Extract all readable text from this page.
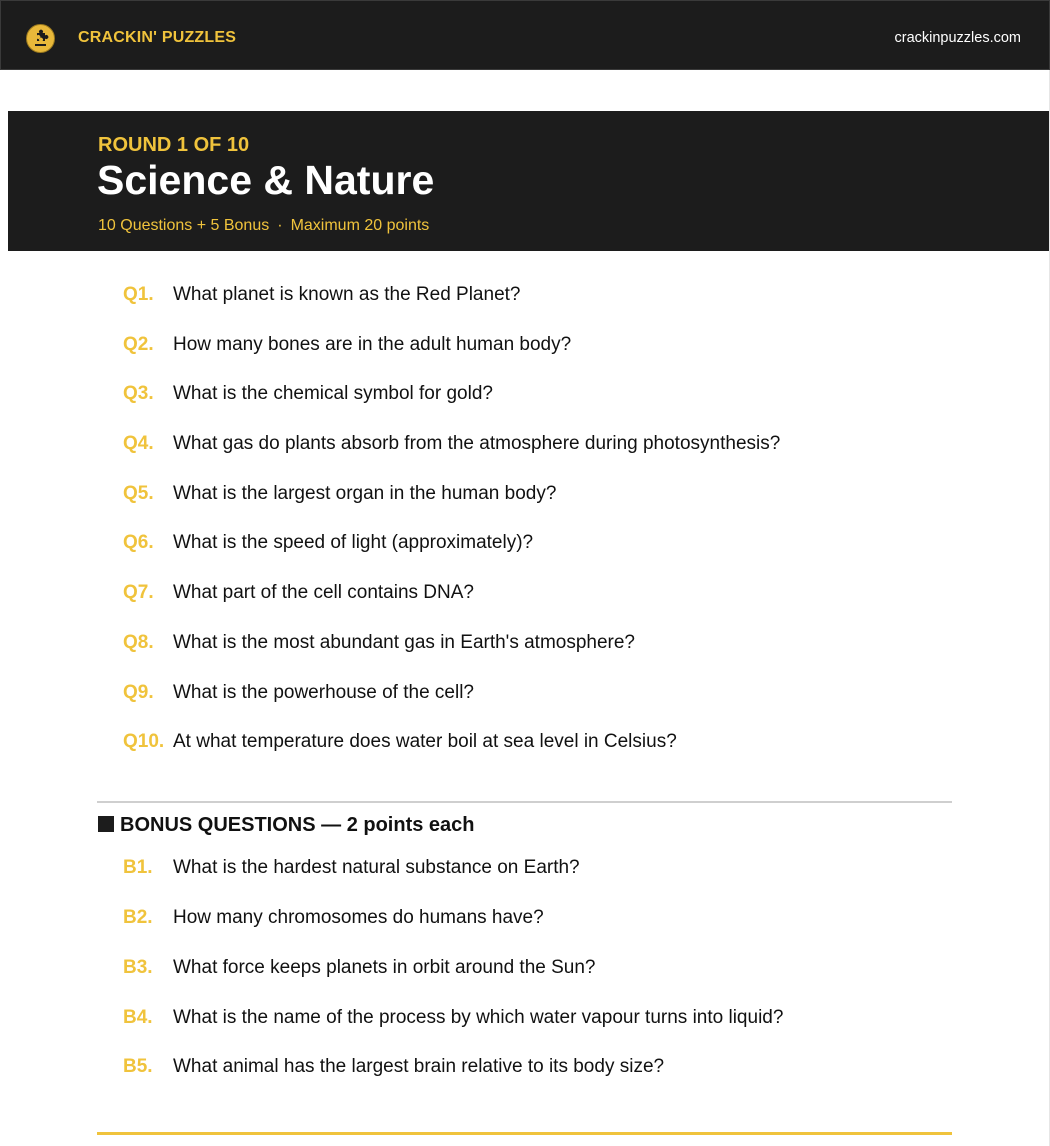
CRACKIN' PUZZLES	crackinpuzzles.com
ROUND 1 OF 10
Science & Nature
10 Questions + 5 Bonus · Maximum 20 points
Q1. What planet is known as the Red Planet?
Q2. How many bones are in the adult human body?
Q3. What is the chemical symbol for gold?
Q4. What gas do plants absorb from the atmosphere during photosynthesis?
Q5. What is the largest organ in the human body?
Q6. What is the speed of light (approximately)?
Q7. What part of the cell contains DNA?
Q8. What is the most abundant gas in Earth's atmosphere?
Q9. What is the powerhouse of the cell?
Q10. At what temperature does water boil at sea level in Celsius?
BONUS QUESTIONS — 2 points each
B1. What is the hardest natural substance on Earth?
B2. How many chromosomes do humans have?
B3. What force keeps planets in orbit around the Sun?
B4. What is the name of the process by which water vapour turns into liquid?
B5. What animal has the largest brain relative to its body size?
